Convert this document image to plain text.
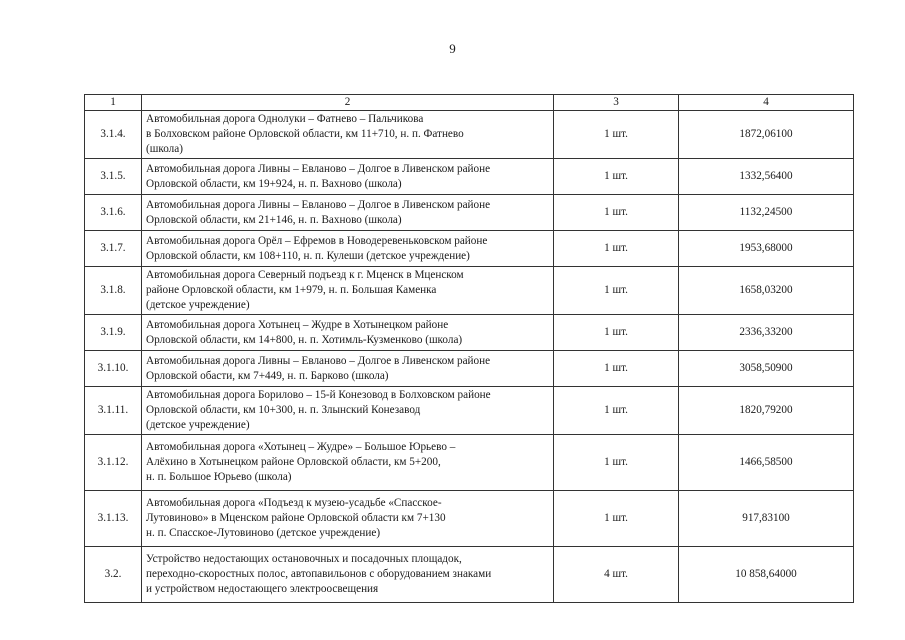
9
1	2	3	4
3.1.4.	Автомобильная дорога Однолуки – Фатнево – Пальчикова
в Болховском районе Орловской области, км 11+710, н. п. Фатнево
(школа)	1 шт.	1872,06100
3.1.5.	Автомобильная дорога Ливны – Евланово – Долгое в Ливенском районе
Орловской области, км 19+924, н. п. Вахново (школа)	1 шт.	1332,56400
3.1.6.	Автомобильная дорога Ливны – Евланово – Долгое в Ливенском районе
Орловской области, км 21+146, н. п. Вахново (школа)	1 шт.	1132,24500
3.1.7.	Автомобильная дорога Орёл – Ефремов в Новодеревеньковском районе
Орловской области, км 108+110, н. п. Кулеши (детское учреждение)	1 шт.	1953,68000
3.1.8.	Автомобильная дорога Северный подъезд к г. Мценск в Мценском
районе Орловской области, км 1+979, н. п. Большая Каменка
(детское учреждение)	1 шт.	1658,03200
3.1.9.	Автомобильная дорога Хотынец – Жудре в Хотынецком районе
Орловской области, км 14+800, н. п. Хотимль-Кузменково (школа)	1 шт.	2336,33200
3.1.10.	Автомобильная дорога Ливны – Евланово – Долгое в Ливенском районе
Орловской обасти, км 7+449, н. п. Барково (школа)	1 шт.	3058,50900
3.1.11.	Автомобильная дорога Борилово – 15-й Конезовод в Болховском районе
Орловской области, км 10+300, н. п. Злынский Конезавод
(детское учреждение)	1 шт.	1820,79200
3.1.12.	Автомобильная дорога «Хотынец – Жудре» – Большое Юрьево –
Алёхино в Хотынецком районе Орловской области, км 5+200,
н. п. Большое Юрьево (школа)	1 шт.	1466,58500
3.1.13.	Автомобильная дорога «Подъезд к музею-усадьбе «Спасское-
Лутовиново» в Мценском районе Орловской области км 7+130
н. п. Спасское-Лутовиново (детское учреждение)	1 шт.	917,83100
3.2.	Устройство недостающих остановочных и посадочных площадок,
переходно-скоростных полос, автопавильонов с оборудованием знаками
и устройством недостающего электроосвещения	4 шт.	10 858,64000
